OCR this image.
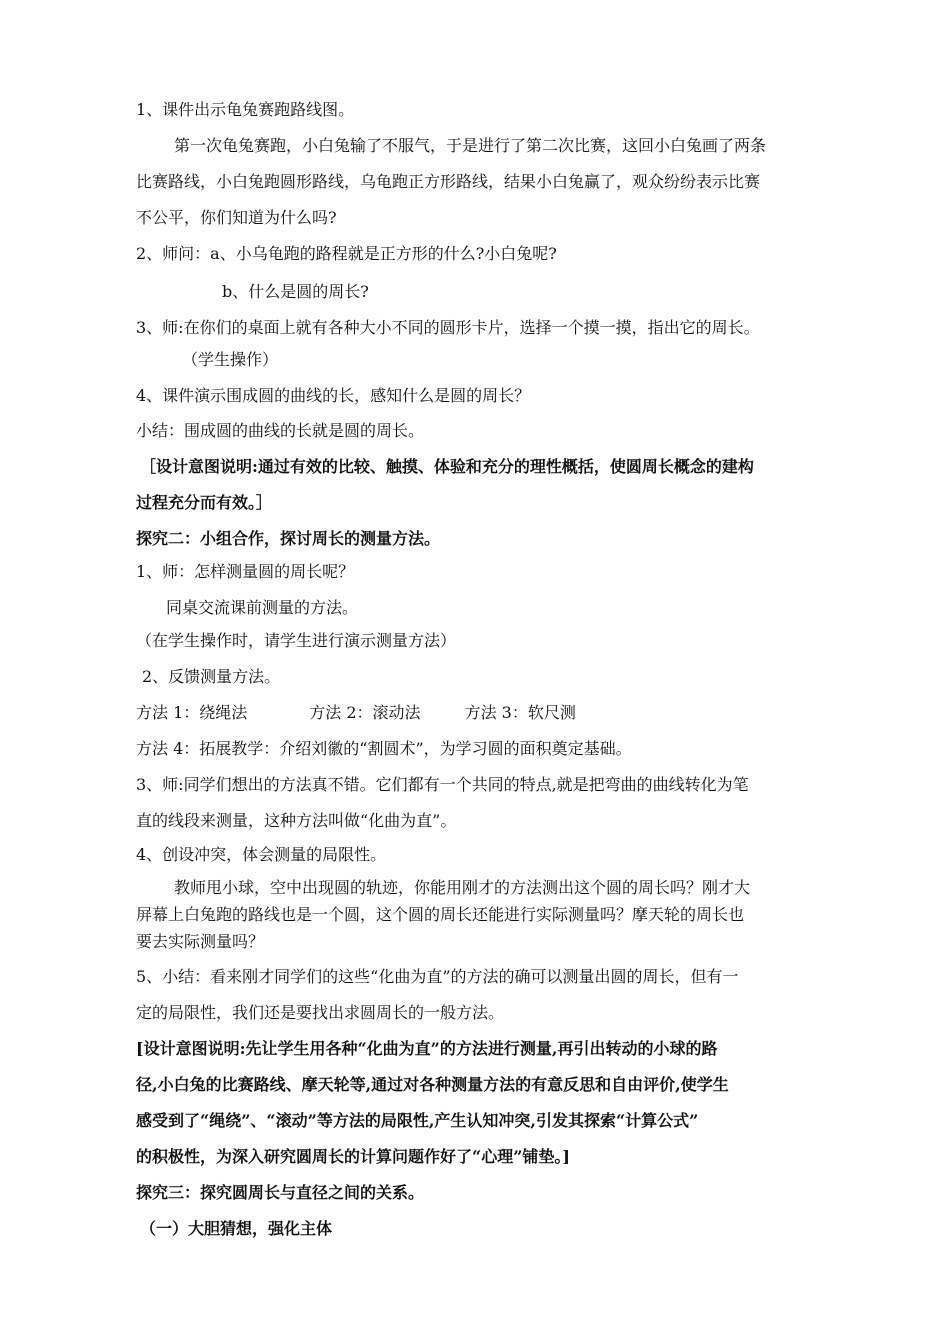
1、课件出示龟兔赛跑路线图。
第一次龟兔赛跑，小白兔输了不服气，于是进行了第二次比赛，这回小白兔画了两条
比赛路线，小白兔跑圆形路线，乌龟跑正方形路线，结果小白兔赢了，观众纷纷表示比赛
不公平，你们知道为什么吗?
2、师问：a、小乌龟跑的路程就是正方形的什么?小白兔呢?
b、什么是圆的周长?
3、师:在你们的桌面上就有各种大小不同的圆形卡片，选择一个摸一摸，指出它的周长。
（学生操作）
4、课件演示围成圆的曲线的长，感知什么是圆的周长？
小结：围成圆的曲线的长就是圆的周长。
［设计意图说明:通过有效的比较、触摸、体验和充分的理性概括，使圆周长概念的建构
过程充分而有效。］
探究二：小组合作，探讨周长的测量方法。
1、师：怎样测量圆的周长呢？
同桌交流课前测量的方法。
（在学生操作时，请学生进行演示测量方法）
2、反馈测量方法。
方法 1：绕绳法	方法 2：滚动法	方法 3：软尺测
方法 4：拓展教学：介绍刘徽的“割圆术”，为学习圆的面积奠定基础。
3、师:同学们想出的方法真不错。它们都有一个共同的特点,就是把弯曲的曲线转化为笔
直的线段来测量，这种方法叫做“化曲为直”。
4、创设冲突，体会测量的局限性。
教师甩小球，空中出现圆的轨迹，你能用刚才的方法测出这个圆的周长吗？刚才大
屏幕上白兔跑的路线也是一个圆，这个圆的周长还能进行实际测量吗？摩天轮的周长也
要去实际测量吗？
5、小结：看来刚才同学们的这些“化曲为直”的方法的确可以测量出圆的周长，但有一
定的局限性，我们还是要找出求圆周长的一般方法。
[设计意图说明:先让学生用各种“化曲为直”的方法进行测量,再引出转动的小球的路
径,小白兔的比赛路线、摩天轮等,通过对各种测量方法的有意反思和自由评价,使学生
感受到了“绳绕”、“滚动”等方法的局限性,产生认知冲突,引发其探索“计算公式”
的积极性，为深入研究圆周长的计算问题作好了“心理”铺垫。]
探究三：探究圆周长与直径之间的关系。
（一）大胆猜想，强化主体
